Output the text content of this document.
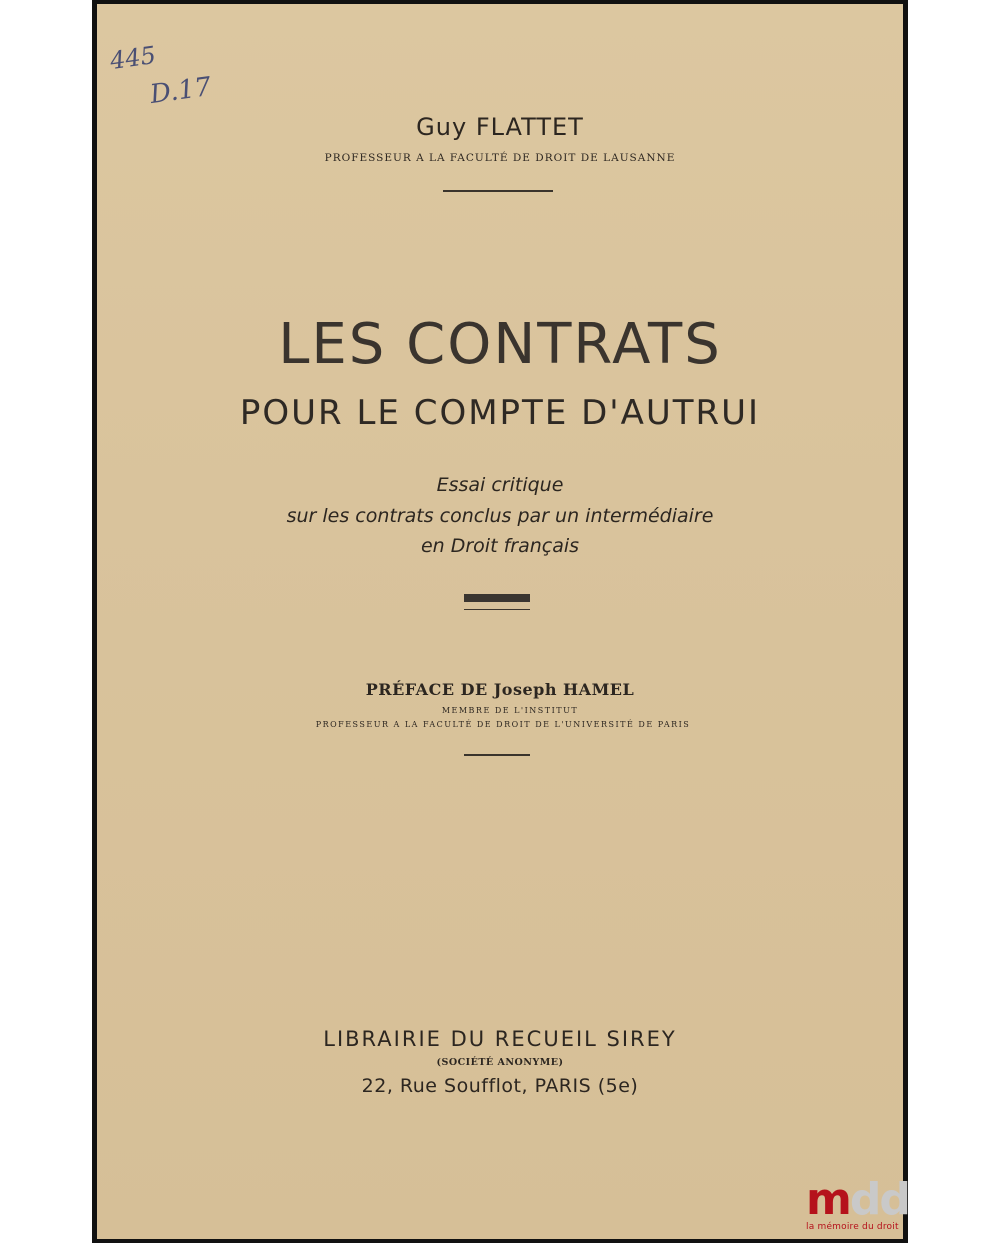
445
D.17
Guy FLATTET
PROFESSEUR A LA FACULTÉ DE DROIT DE LAUSANNE
LES CONTRATS
POUR LE COMPTE D'AUTRUI
Essai critique
sur les contrats conclus par un intermédiaire
en Droit français
PRÉFACE DE Joseph HAMEL
MEMBRE DE L'INSTITUT
PROFESSEUR A LA FACULTÉ DE DROIT DE L'UNIVERSITÉ DE PARIS
LIBRAIRIE DU RECUEIL SIREY
(SOCIÉTÉ ANONYME)
22, Rue Soufflot, PARIS (5e)
mdd
la mémoire du droit
